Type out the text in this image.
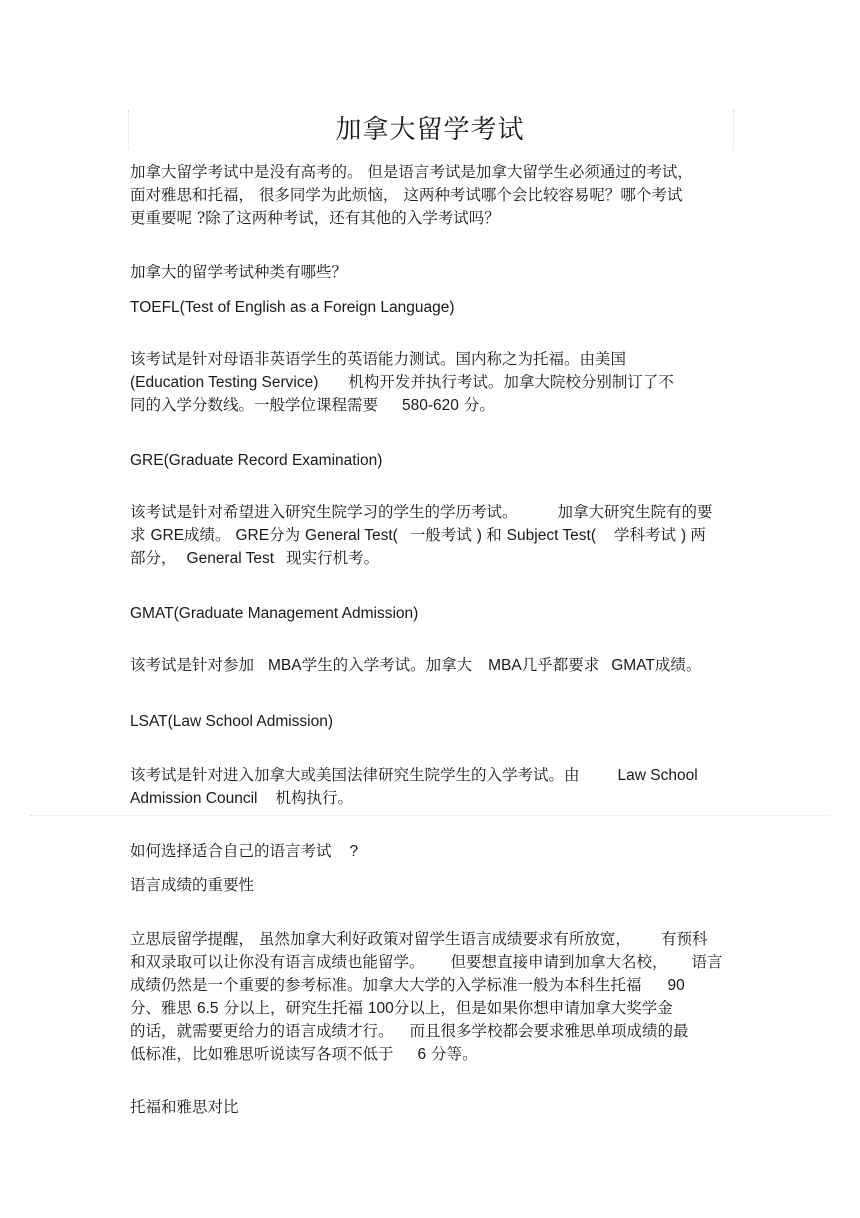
加拿大留学考试
加拿大留学考试中是没有高考的。 但是语言考试是加拿大留学生必须通过的考试，
面对雅思和托福， 很多同学为此烦恼， 这两种考试哪个会比较容易呢？哪个考试
更重要呢 ?除了这两种考试，还有其他的入学考试吗？
加拿大的留学考试种类有哪些？
TOEFL(Test of English as a Foreign Language)
该考试是针对母语非英语学生的英语能力测试。国内称之为托福。由美国
(Education Testing Service) 机构开发并执行考试。加拿大院校分别制订了不
同的入学分数线。一般学位课程需要 580-620 分。
GRE(Graduate Record Examination)
该考试是针对希望进入研究生院学习的学生的学历考试。	加拿大研究生院有的要
求 GRE成绩。 GRE分为 General Test( 一般考试 ) 和 Subject Test( 学科考试 ) 两
部分， General Test 现实行机考。
GMAT(Graduate Management Admission)
该考试是针对参加 MBA学生的入学考试。加拿大 MBA几乎都要求 GMAT成绩。
LSAT(Law School Admission)
该考试是针对进入加拿大或美国法律研究生院学生的入学考试。由 Law School
Admission Council 机构执行。
如何选择适合自己的语言考试 ?
语言成绩的重要性
立思辰留学提醒， 虽然加拿大利好政策对留学生语言成绩要求有所放宽， 有预科
和双录取可以让你没有语言成绩也能留学。 但要想直接申请到加拿大名校， 语言
成绩仍然是一个重要的参考标准。加拿大大学的入学标准一般为本科生托福 90
分、雅思 6.5 分以上，研究生托福 100分以上，但是如果你想申请加拿大奖学金
的话，就需要更给力的语言成绩才行。 而且很多学校都会要求雅思单项成绩的最
低标准，比如雅思听说读写各项不低于 6 分等。
托福和雅思对比
